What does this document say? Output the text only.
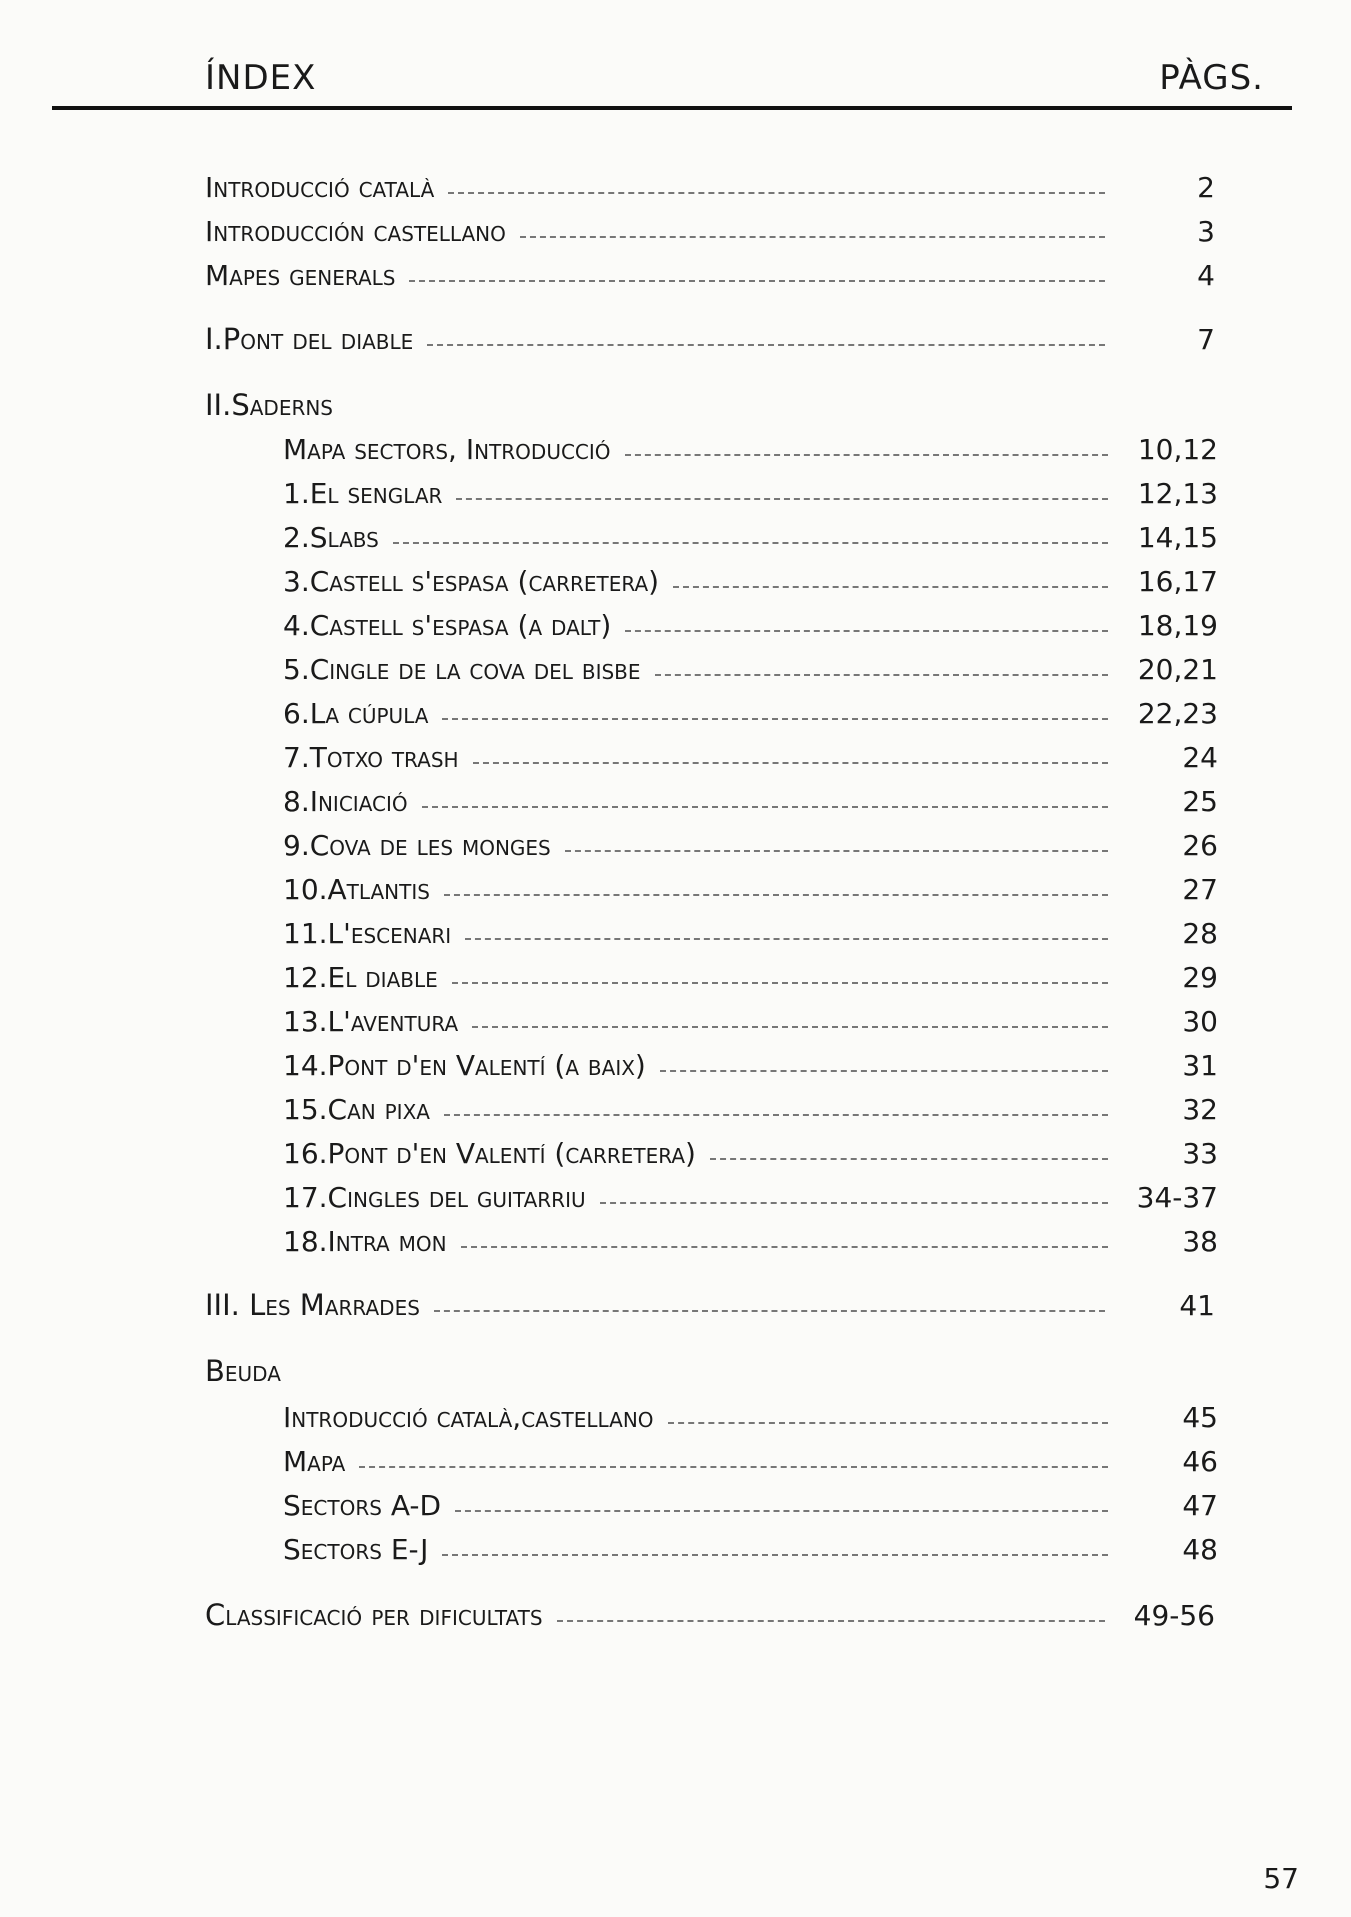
ÍNDEX	PÀGS.
Introducció català	2
Introducción castellano	3
Mapes generals	4
I.Pont del diable	7
II.Saderns
Mapa sectors, Introducció	10,12
1.El senglar	12,13
2.Slabs	14,15
3.Castell s'espasa (carretera)	16,17
4.Castell s'espasa (a dalt)	18,19
5.Cingle de la cova del bisbe	20,21
6.La cúpula	22,23
7.Totxo trash	24
8.Iniciació	25
9.Cova de les monges	26
10.Atlantis	27
11.L'escenari	28
12.El diable	29
13.L'aventura	30
14.Pont d'en Valentí (a baix)	31
15.Can pixa	32
16.Pont d'en Valentí (carretera)	33
17.Cingles del guitarriu	34-37
18.Intra mon	38
III. Les Marrades	41
Beuda
Introducció català,castellano	45
Mapa	46
Sectors A-D	47
Sectors E-J	48
Classificació per dificultats	49-56
57
